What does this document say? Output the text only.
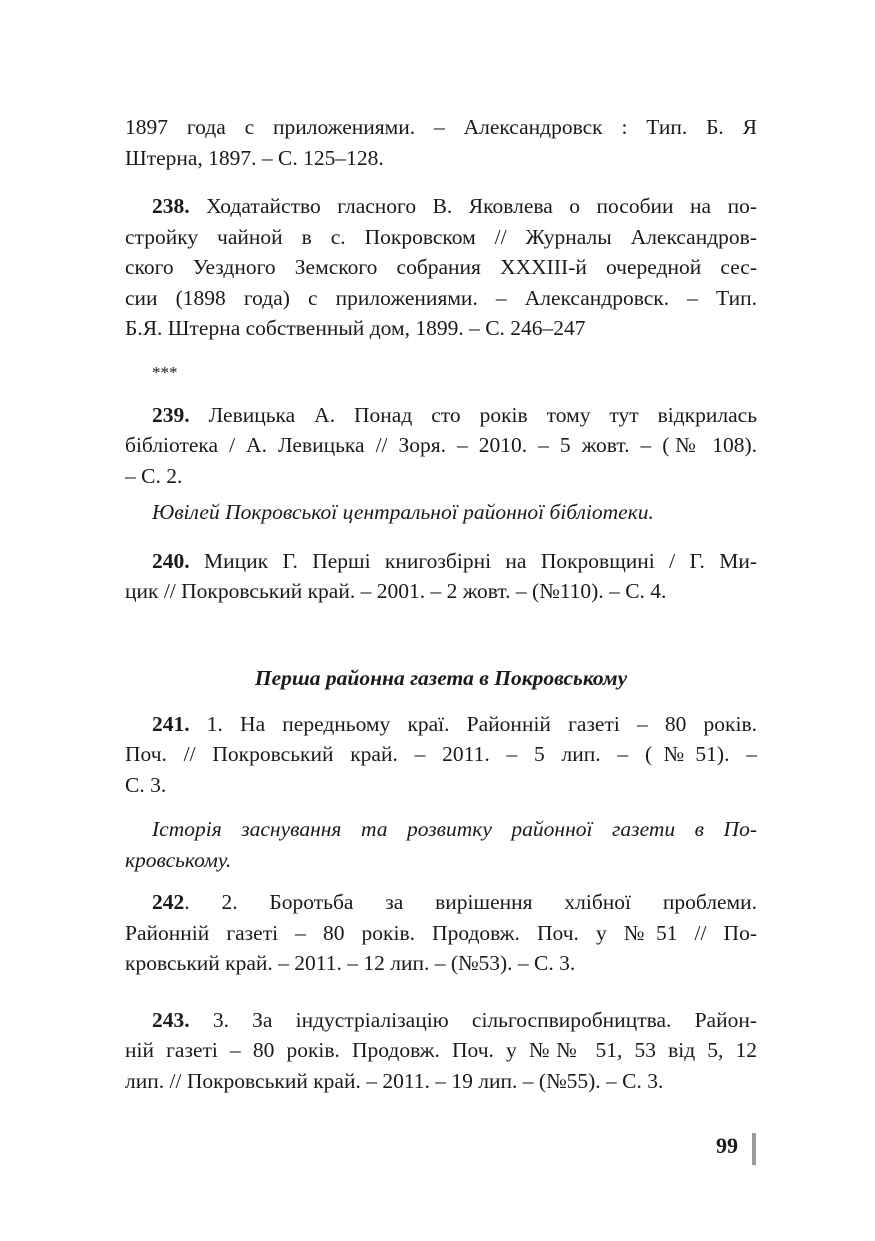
1897 года с приложениями. – Александровск : Тип. Б. Я
Штерна, 1897. – С. 125–128.
238. Ходатайство гласного В. Яковлева о пособии на по-
стройку чайной в с. Покровском // Журналы Александров-
ского Уездного Земского собрания XXXIII-й очередной сес-
сии (1898 года) с приложениями. – Александровск. – Тип.
Б.Я. Штерна собственный дом, 1899. – С. 246–247
***
239. Левицька А. Понад сто років тому тут відкрилась
бібліотека / А. Левицька // Зоря. – 2010. – 5 жовт. – (№ 108).
– С. 2.
Ювілей Покровської центральної районної бібліотеки.
240. Мицик Г. Перші книгозбірні на Покровщині / Г. Ми-
цик // Покровський край. – 2001. – 2 жовт. – (№110). – С. 4.
Перша районна газета в Покровському
241. 1. На передньому краї. Районній газеті – 80 років.
Поч. // Покровський край. – 2011. – 5 лип. – (№51). –
С. 3.
Історія заснування та розвитку районної газети в По-
кровському.
242. 2. Боротьба за вирішення хлібної проблеми.
Районній газеті – 80 років. Продовж. Поч. у №51 // По-
кровський край. – 2011. – 12 лип. – (№53). – С. 3.
243. 3. За індустріалізацію сільгоспвиробництва. Район-
ній газеті – 80 років. Продовж. Поч. у №№ 51, 53 від 5, 12
лип. // Покровський край. – 2011. – 19 лип. – (№55). – С. 3.
99
